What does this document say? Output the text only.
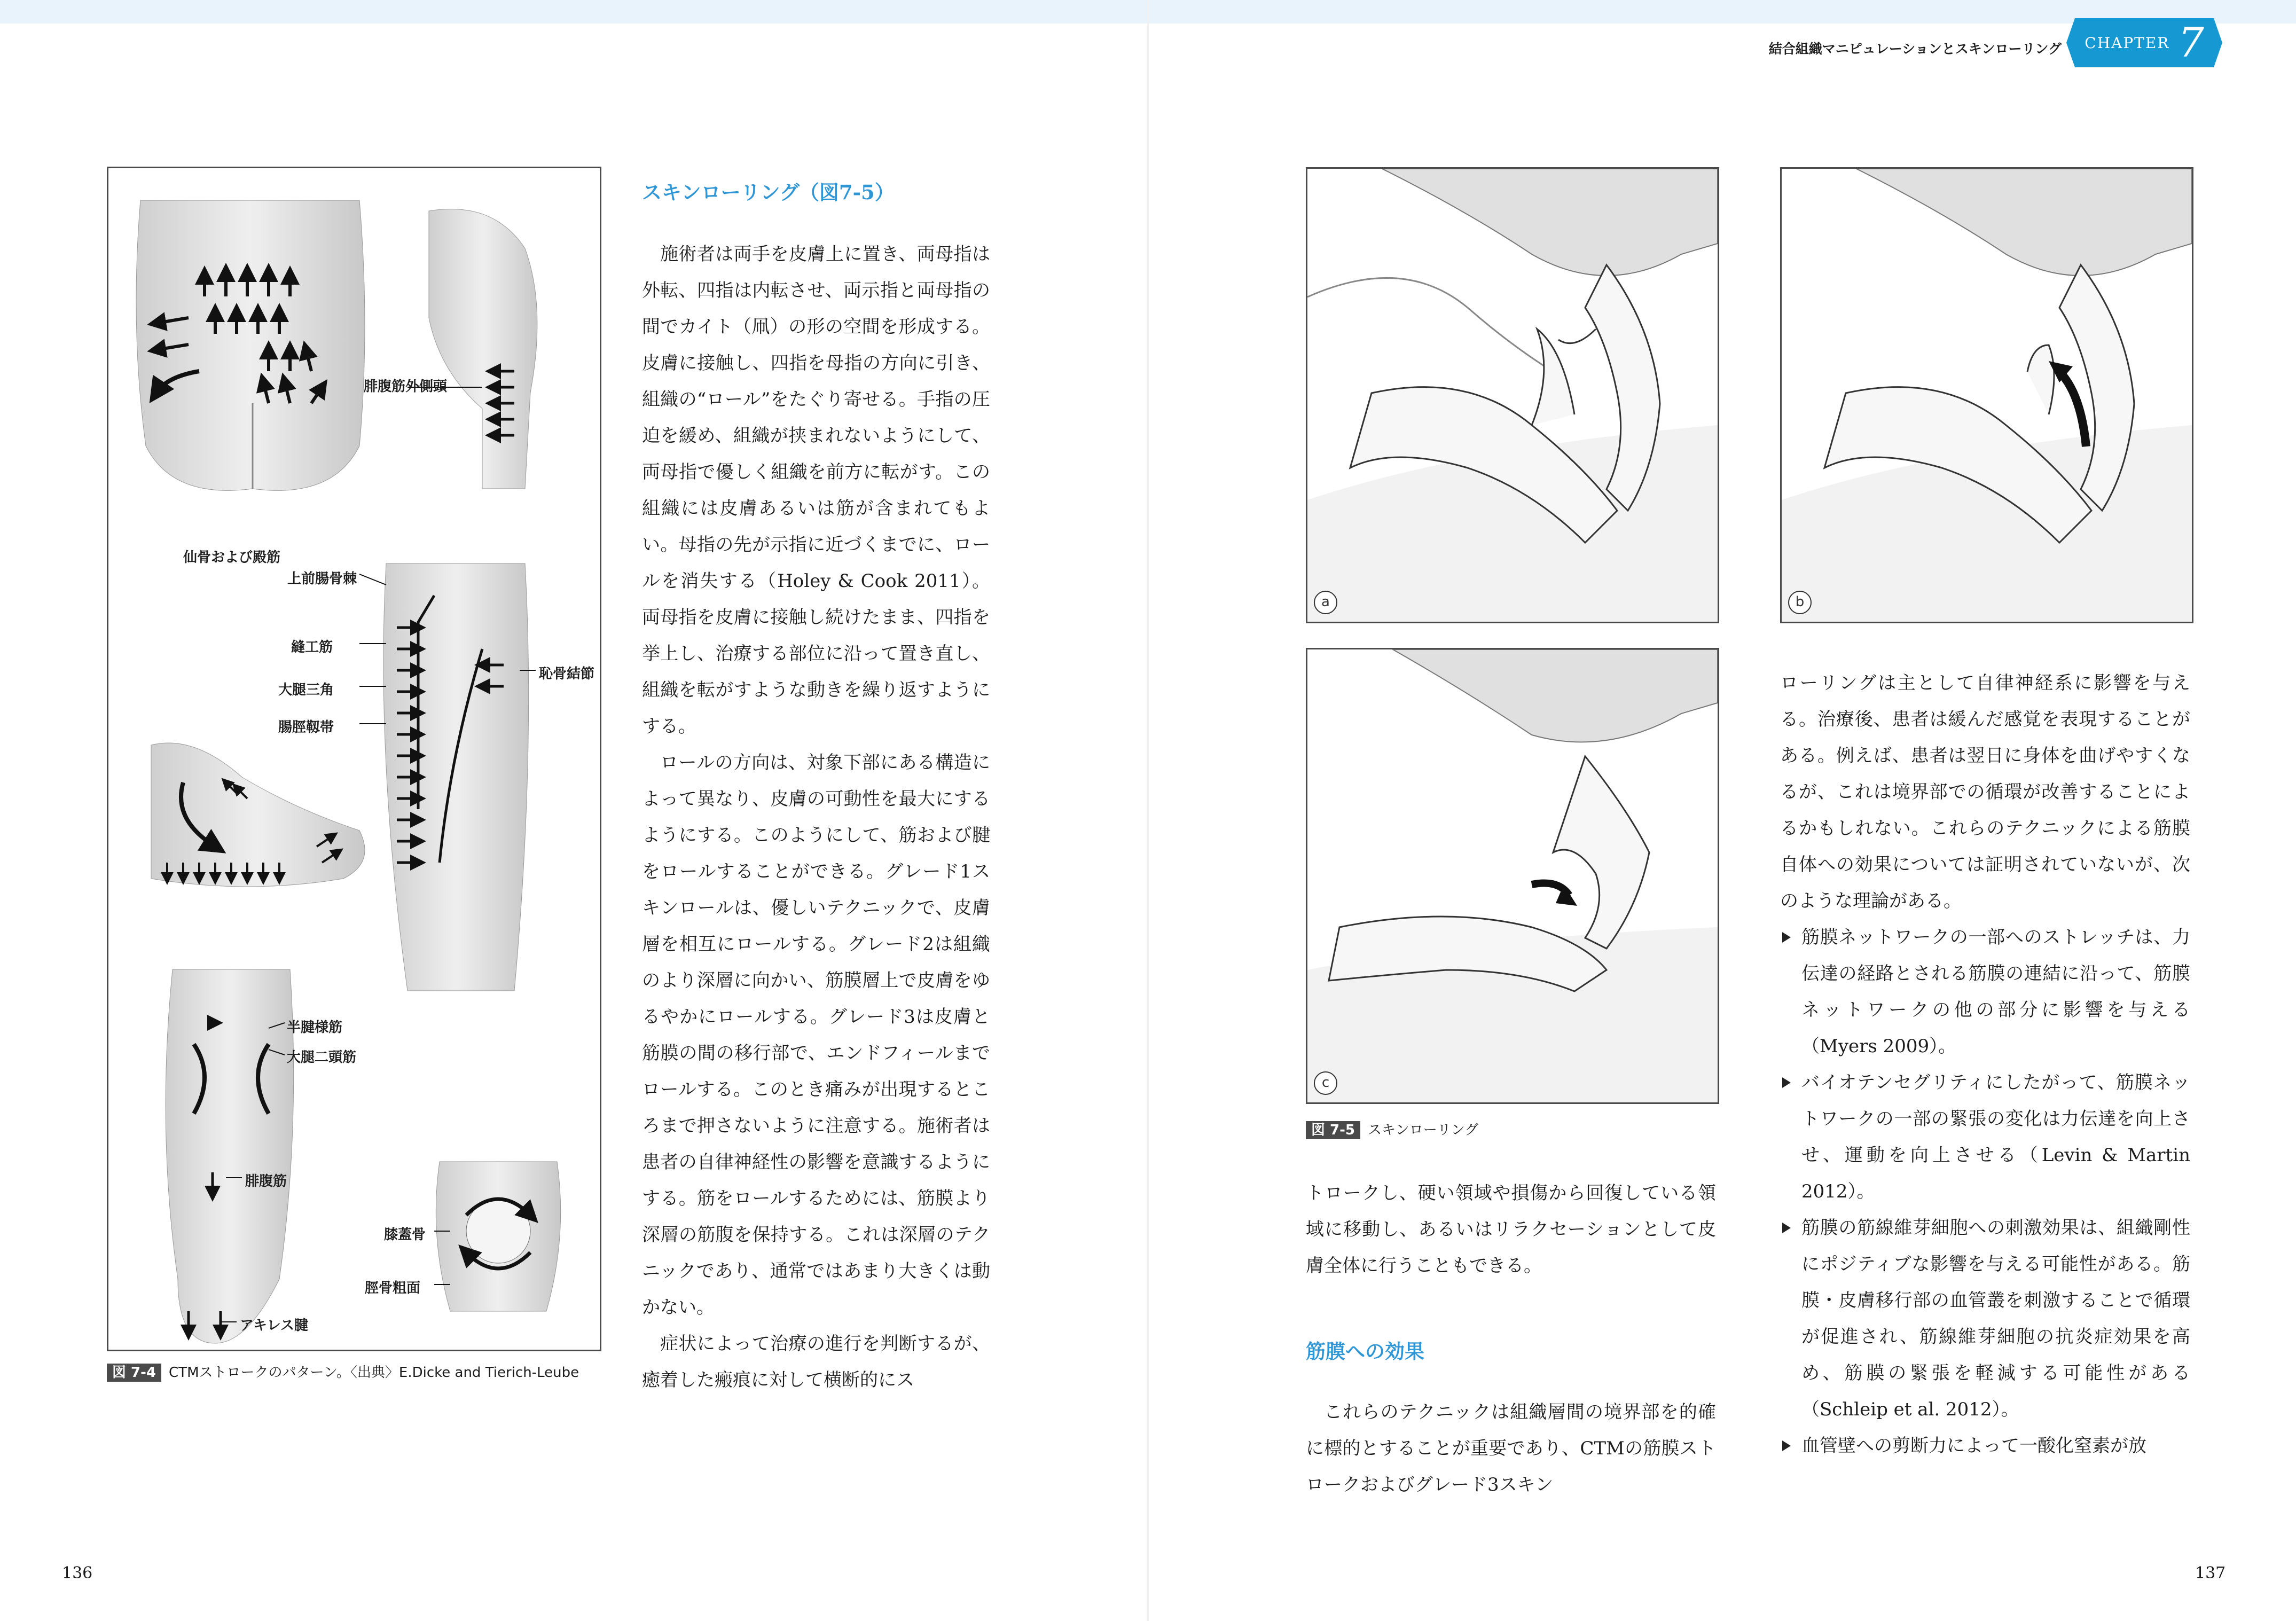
結合組織マニピュレーションとスキンローリング CHAPTER 7
腓腹筋外側頭
仙骨および殿筋
上前腸骨棘
縫工筋
大腿三角
腸脛靱帯
恥骨結節
半腱様筋
大腿二頭筋
腓腹筋
膝蓋骨
脛骨粗面
アキレス腱
図 7-4 CTMストロークのパターン。〈出典〉E.Dicke and Tierich-Leube
スキンローリング（図7-5）

施術者は両手を皮膚上に置き、両母指は外転、四指は内転させ、両示指と両母指の間でカイト（凧）の形の空間を形成する。皮膚に接触し、四指を母指の方向に引き、組織の“ロール”をたぐり寄せる。手指の圧迫を緩め、組織が挟まれないようにして、両母指で優しく組織を前方に転がす。この組織には皮膚あるいは筋が含まれてもよい。母指の先が示指に近づくまでに、ロールを消失する（Holey & Cook 2011）。両母指を皮膚に接触し続けたまま、四指を挙上し、治療する部位に沿って置き直し、組織を転がすような動きを繰り返すようにする。

ロールの方向は、対象下部にある構造によって異なり、皮膚の可動性を最大にするようにする。このようにして、筋および腱をロールすることができる。グレード1スキンロールは、優しいテクニックで、皮膚層を相互にロールする。グレード2は組織のより深層に向かい、筋膜層上で皮膚をゆるやかにロールする。グレード3は皮膚と筋膜の間の移行部で、エンドフィールまでロールする。このとき痛みが出現するところまで押さないように注意する。施術者は患者の自律神経性の影響を意識するようにする。筋をロールするためには、筋膜より深層の筋腹を保持する。これは深層のテクニックであり、通常ではあまり大きくは動かない。

症状によって治療の進行を判断するが、癒着した瘢痕に対して横断的にス

136
a	b
c
図 7-5 スキンローリング

トロークし、硬い領域や損傷から回復している領域に移動し、あるいはリラクセーションとして皮膚全体に行うこともできる。

筋膜への効果

これらのテクニックは組織層間の境界部を的確に標的とすることが重要であり、CTMの筋膜ストロークおよびグレード3スキン

ローリングは主として自律神経系に影響を与える。治療後、患者は緩んだ感覚を表現することがある。例えば、患者は翌日に身体を曲げやすくなるが、これは境界部での循環が改善することによるかもしれない。これらのテクニックによる筋膜自体への効果については証明されていないが、次のような理論がある。

筋膜ネットワークの一部へのストレッチは、力伝達の経路とされる筋膜の連結に沿って、筋膜ネットワークの他の部分に影響を与える（Myers 2009）。
バイオテンセグリティにしたがって、筋膜ネットワークの一部の緊張の変化は力伝達を向上させ、運動を向上させる（Levin & Martin 2012）。
筋膜の筋線維芽細胞への刺激効果は、組織剛性にポジティブな影響を与える可能性がある。筋膜・皮膚移行部の血管叢を刺激することで循環が促進され、筋線維芽細胞の抗炎症効果を高め、筋膜の緊張を軽減する可能性がある（Schleip et al. 2012）。
血管壁への剪断力によって一酸化窒素が放
137
